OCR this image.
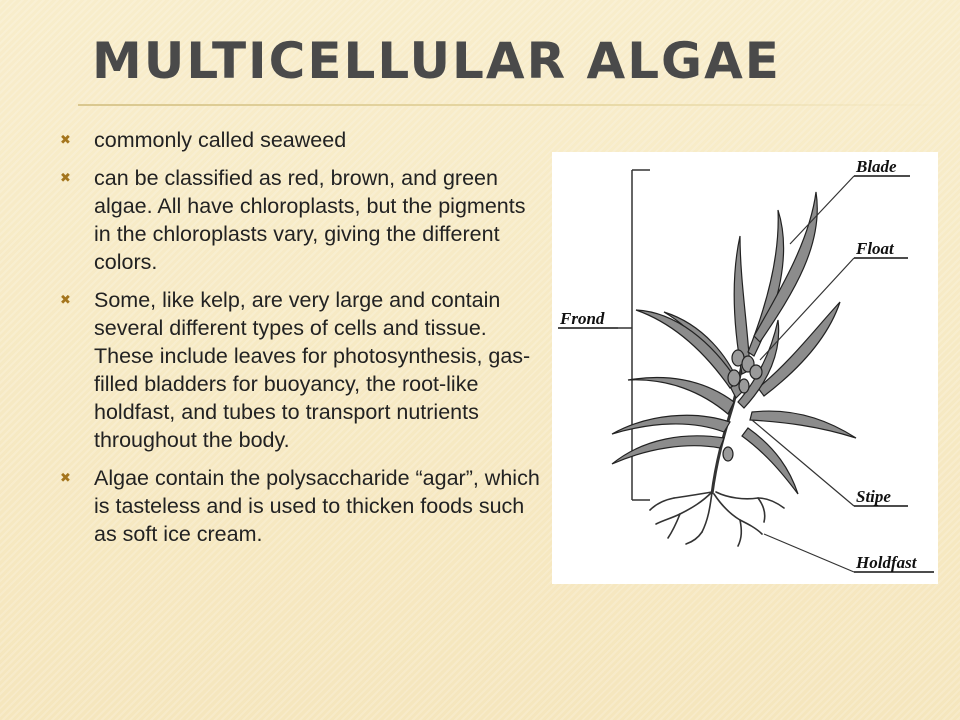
MULTICELLULAR ALGAE
✖	commonly called seaweed
✖	can be classified as red, brown, and green algae. All have chloroplasts, but the pigments in the chloroplasts vary, giving the different colors.
✖	Some, like kelp, are very large and contain several different types of cells and tissue. These include leaves for photosynthesis, gas-filled bladders for buoyancy, the root-like holdfast, and tubes to transport nutrients throughout the body.
✖	Algae contain the polysaccharide “agar”, which is tasteless and is used to thicken foods such as soft ice cream.
Blade
Float
Frond
Stipe
Holdfast
